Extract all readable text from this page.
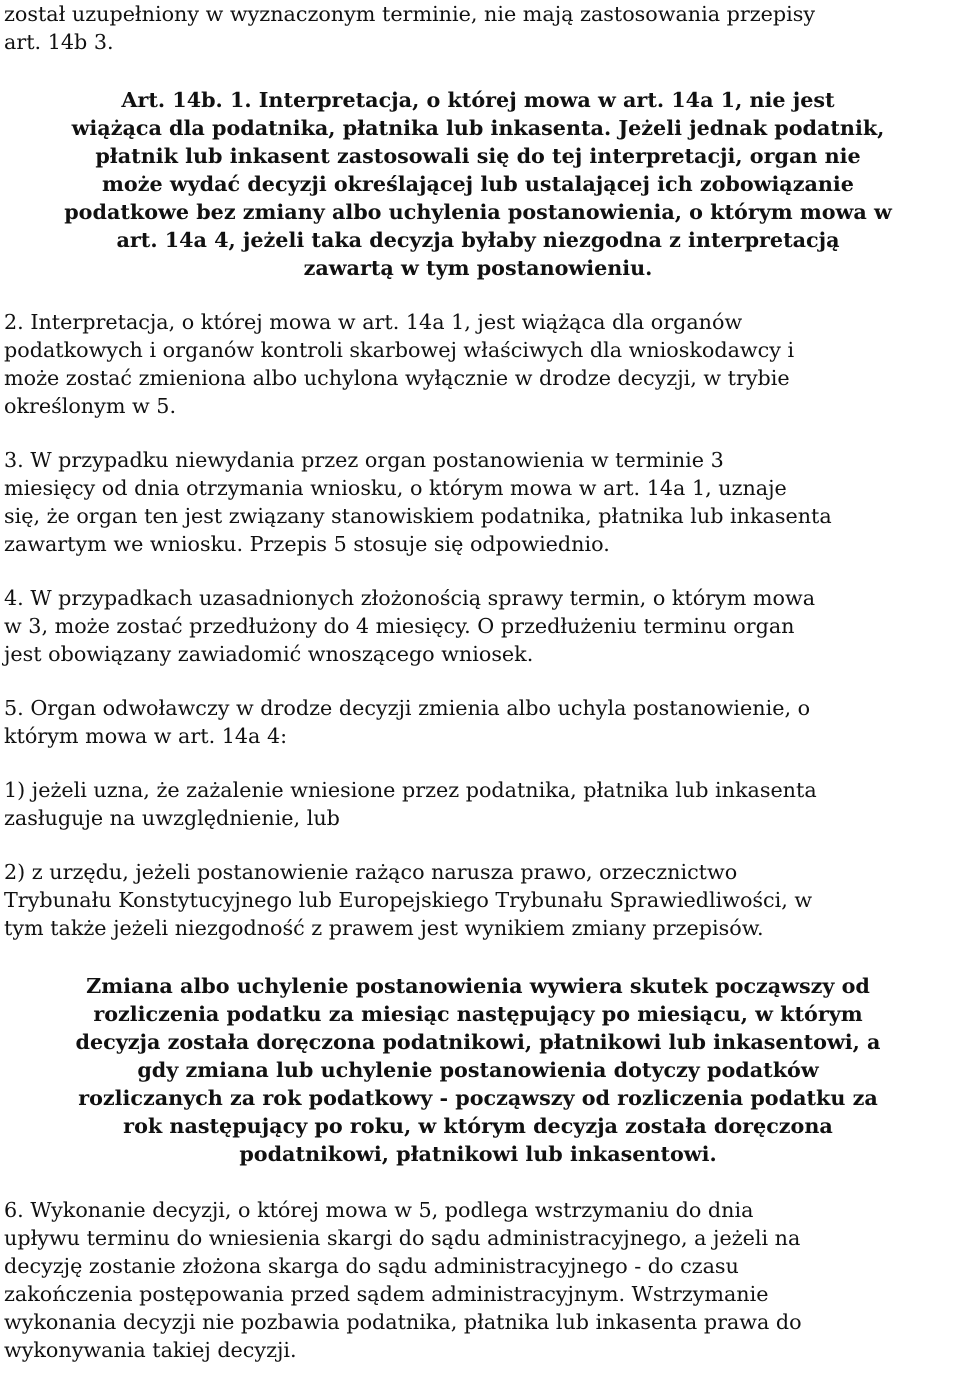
został uzupełniony w wyznaczonym terminie, nie mają zastosowania przepisy
art. 14b 3.

Art. 14b. 1. Interpretacja, o której mowa w art. 14a 1, nie jest
wiążąca dla podatnika, płatnika lub inkasenta. Jeżeli jednak podatnik,
płatnik lub inkasent zastosowali się do tej interpretacji, organ nie
może wydać decyzji określającej lub ustalającej ich zobowiązanie
podatkowe bez zmiany albo uchylenia postanowienia, o którym mowa w
art. 14a 4, jeżeli taka decyzja byłaby niezgodna z interpretacją
zawartą w tym postanowieniu.

2. Interpretacja, o której mowa w art. 14a 1, jest wiążąca dla organów
podatkowych i organów kontroli skarbowej właściwych dla wnioskodawcy i
może zostać zmieniona albo uchylona wyłącznie w drodze decyzji, w trybie
określonym w 5.

3. W przypadku niewydania przez organ postanowienia w terminie 3
miesięcy od dnia otrzymania wniosku, o którym mowa w art. 14a 1, uznaje
się, że organ ten jest związany stanowiskiem podatnika, płatnika lub inkasenta
zawartym we wniosku. Przepis 5 stosuje się odpowiednio.

4. W przypadkach uzasadnionych złożonością sprawy termin, o którym mowa
w 3, może zostać przedłużony do 4 miesięcy. O przedłużeniu terminu organ
jest obowiązany zawiadomić wnoszącego wniosek.

5. Organ odwoławczy w drodze decyzji zmienia albo uchyla postanowienie, o
którym mowa w art. 14a 4:

1) jeżeli uzna, że zażalenie wniesione przez podatnika, płatnika lub inkasenta
zasługuje na uwzględnienie, lub

2) z urzędu, jeżeli postanowienie rażąco narusza prawo, orzecznictwo
Trybunału Konstytucyjnego lub Europejskiego Trybunału Sprawiedliwości, w
tym także jeżeli niezgodność z prawem jest wynikiem zmiany przepisów.

Zmiana albo uchylenie postanowienia wywiera skutek począwszy od
rozliczenia podatku za miesiąc następujący po miesiącu, w którym
decyzja została doręczona podatnikowi, płatnikowi lub inkasentowi, a
gdy zmiana lub uchylenie postanowienia dotyczy podatków
rozliczanych za rok podatkowy - począwszy od rozliczenia podatku za
rok następujący po roku, w którym decyzja została doręczona
podatnikowi, płatnikowi lub inkasentowi.

6. Wykonanie decyzji, o której mowa w 5, podlega wstrzymaniu do dnia
upływu terminu do wniesienia skargi do sądu administracyjnego, a jeżeli na
decyzję zostanie złożona skarga do sądu administracyjnego - do czasu
zakończenia postępowania przed sądem administracyjnym. Wstrzymanie
wykonania decyzji nie pozbawia podatnika, płatnika lub inkasenta prawa do
wykonywania takiej decyzji.
